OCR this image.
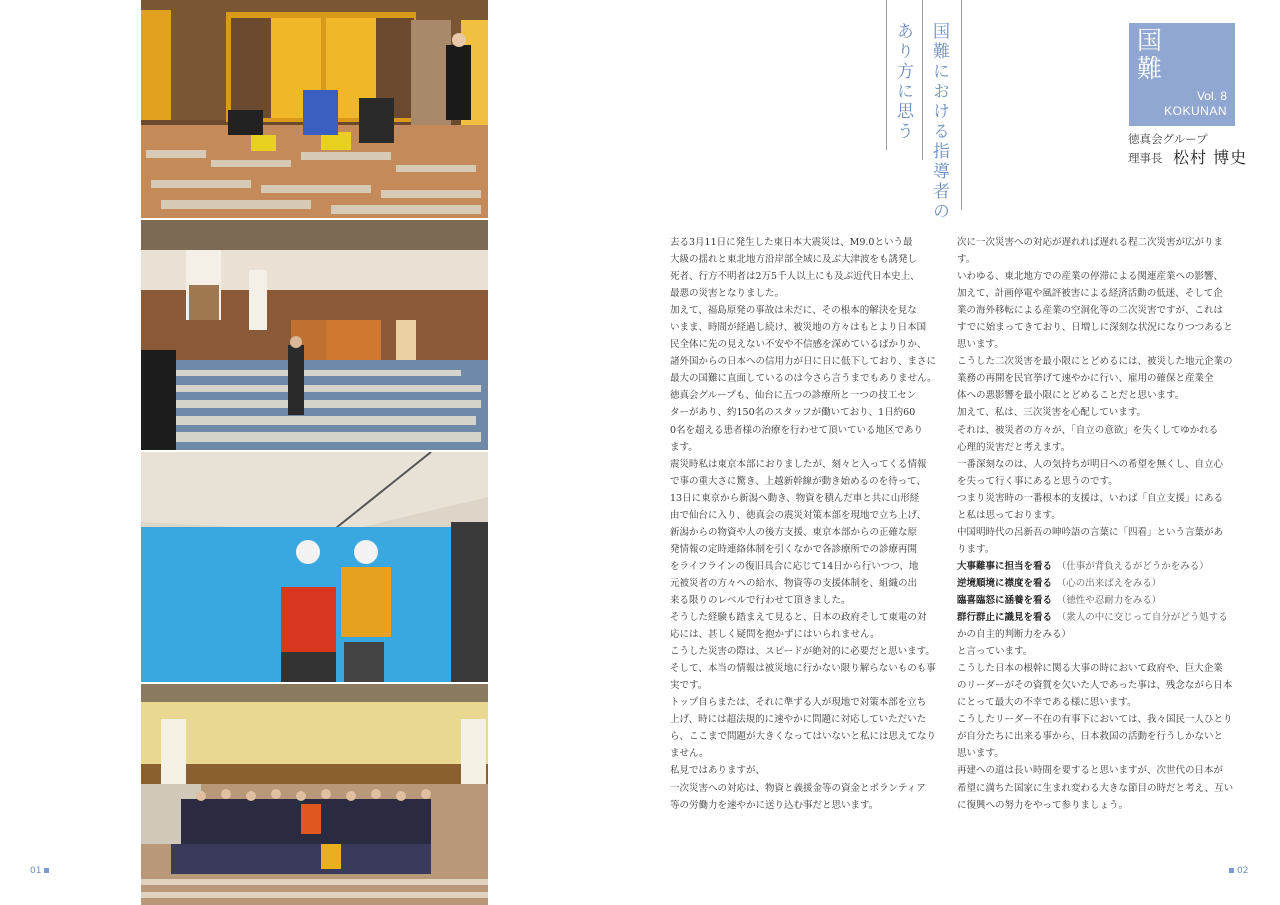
01	02
国難における指導者の
あり方に思う	国難
Vol. 8
KOKUNAN
徳真会グループ
理事長 松村 博史

去る3月11日に発生した東日本大震災は、M9.0という最

大級の揺れと東北地方沿岸部全域に及ぶ大津波をも誘発し

死者、行方不明者は2万5千人以上にも及ぶ近代日本史上、

最悪の災害となりました。

加えて、福島原発の事故は未だに、その根本的解決を見な

いまま、時間が経過し続け、被災地の方々はもとより日本国

民全体に先の見えない不安や不信感を深めているばかりか、

諸外国からの日本への信用力が日に日に低下しており、まさに

最大の国難に直面しているのは今さら言うまでもありません。

徳真会グループも、仙台に五つの診療所と一つの技工セン

ターがあり、約150名のスタッフが働いており、1日約60

0名を超える患者様の治療を行わせて頂いている地区であり

ます。

震災時私は東京本部におりましたが、刻々と入ってくる情報

で事の重大さに驚き、上越新幹線が動き始めるのを待って、

13日に東京から新潟へ動き、物資を積んだ車と共に山形経

由で仙台に入り、徳真会の震災対策本部を現地で立ち上げ、

新潟からの物資や人の後方支援、東京本部からの正確な原

発情報の定時連絡体制を引くなかで各診療所での診療再開

をライフラインの復旧具合に応じて14日から行いつつ、地

元被災者の方々への給水、物資等の支援体制を、組織の出

来る限りのレベルで行わせて頂きました。

そうした経験も踏まえて見ると、日本の政府そして東電の対

応には、甚しく疑問を抱かずにはいられません。

こうした災害の際は、スピードが絶対的に必要だと思います。

そして、本当の情報は被災地に行かない限り解らないものも事

実です。

トップ自らまたは、それに準ずる人が現地で対策本部を立ち

上げ、時には超法規的に速やかに問題に対応していただいた

ら、ここまで問題が大きくなってはいないと私には思えてなり

ません。

私見ではありますが、

一次災害への対応は、物資と義援金等の資金とボランティア

等の労働力を速やかに送り込む事だと思います。

次に一次災害への対応が遅れれば遅れる程二次災害が広がりま

す。

いわゆる、東北地方での産業の停滞による関連産業への影響、

加えて、計画停電や風評被害による経済活動の低迷、そして企

業の海外移転による産業の空洞化等の二次災害ですが、これは

すでに始まってきており、日増しに深刻な状況になりつつあると

思います。

こうした二次災害を最小限にとどめるには、被災した地元企業の

業務の再開を民官挙げて速やかに行い、雇用の確保と産業全

体への悪影響を最小限にとどめることだと思います。

加えて、私は、三次災害を心配しています。

それは、被災者の方々が、「自立の意欲」を失くしてゆかれる

心理的災害だと考えます。

一番深刻なのは、人の気持ちが明日への希望を無くし、自立心

を失って行く事にあると思うのです。

つまり災害時の一番根本的支援は、いわば「自立支援」にある

と私は思っております。

中国明時代の呂新吾の呻吟語の言葉に「四看」という言葉があ

ります。

大事難事に担当を看る　（仕事が背負えるがどうかをみる）

逆境順境に襟度を看る　（心の出来ばえをみる）

臨喜臨怒に涵養を看る　（徳性や忍耐力をみる）

群行群止に識見を看る　（衆人の中に交じって自分がどう処する

かの自主的判断力をみる）

と言っています。

こうした日本の根幹に関る大事の時において政府や、巨大企業

のリーダーがその資質を欠いた人であった事は、残念ながら日本

にとって最大の不幸である様に思います。

こうしたリーダー不在の有事下においては、我々国民一人ひとり

が自分たちに出来る事から、日本救国の活動を行うしかないと

思います。

再建への道は長い時間を要すると思いますが、次世代の日本が

希望に満ちた国家に生まれ変わる大きな節目の時だと考え、互い

に復興への努力をやって参りましょう。
